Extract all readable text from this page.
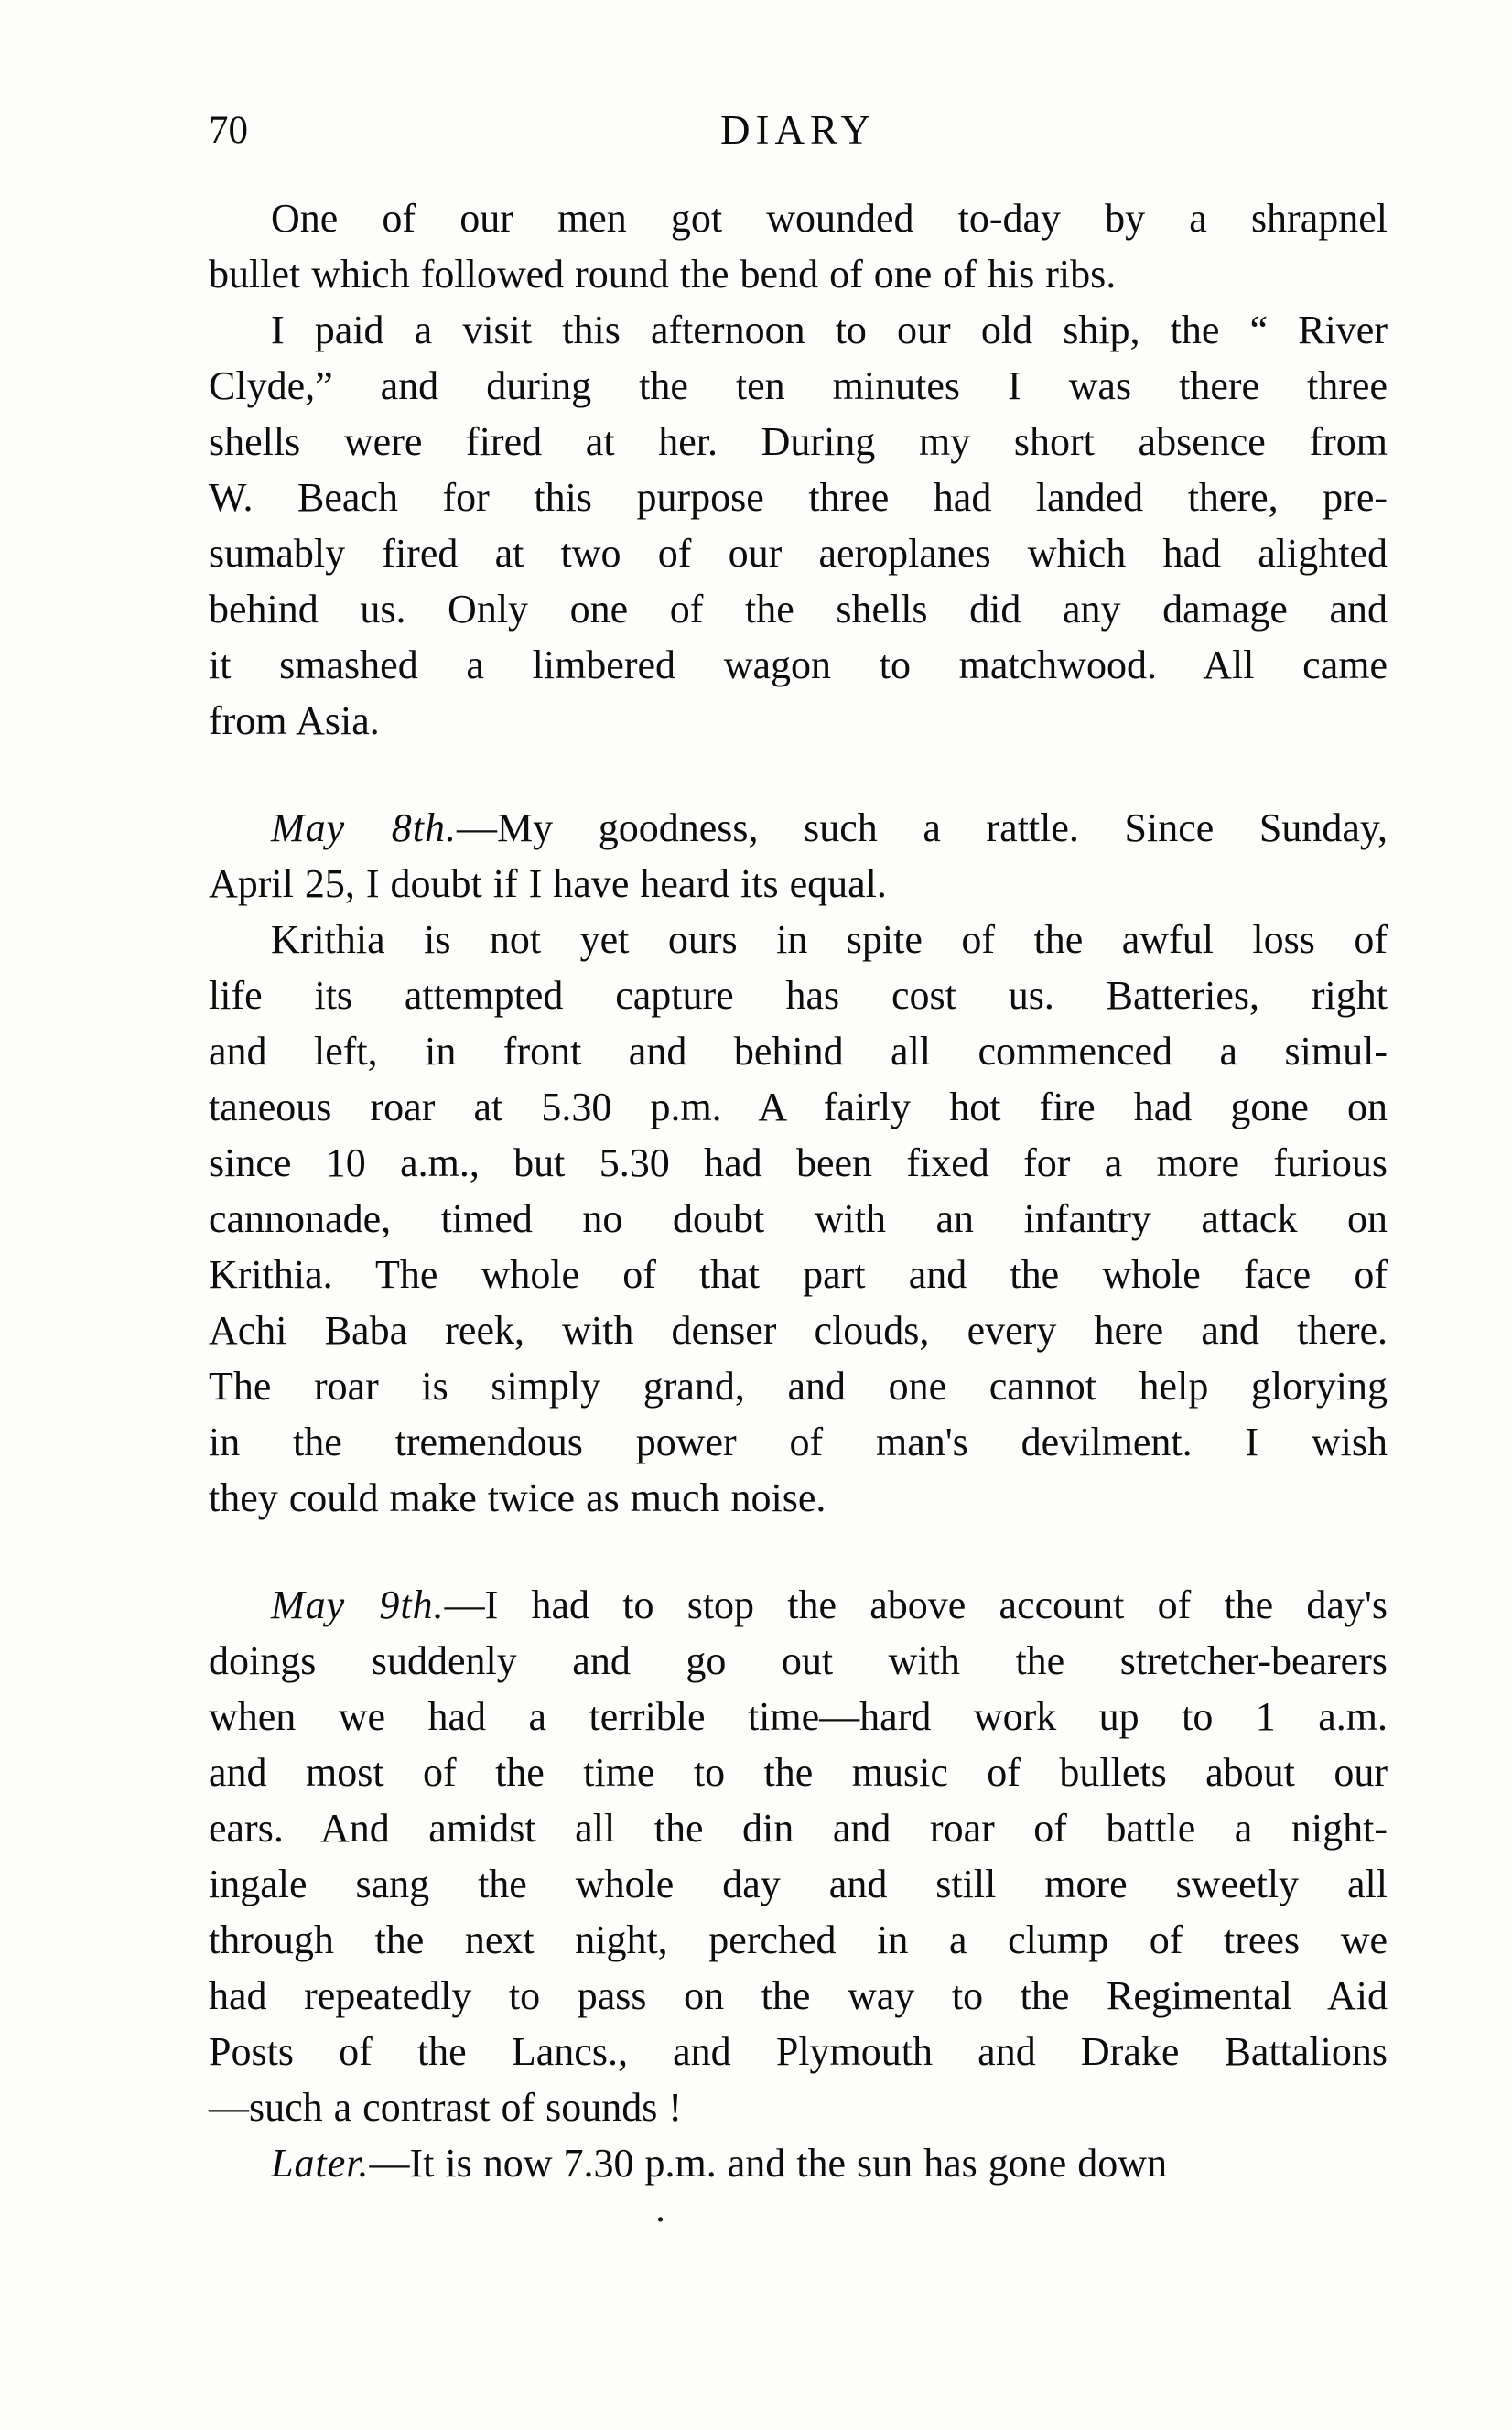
70	DIARY
One of our men got wounded to-day by a shrapnel
bullet which followed round the bend of one of his ribs.
I paid a visit this afternoon to our old ship, the “ River
Clyde,” and during the ten minutes I was there three
shells were fired at her. During my short absence from
W. Beach for this purpose three had landed there, pre-
sumably fired at two of our aeroplanes which had alighted
behind us. Only one of the shells did any damage and
it smashed a limbered wagon to matchwood. All came
from Asia.
May 8th.—My goodness, such a rattle. Since Sunday,
April 25, I doubt if I have heard its equal.
Krithia is not yet ours in spite of the awful loss of
life its attempted capture has cost us. Batteries, right
and left, in front and behind all commenced a simul-
taneous roar at 5.30 p.m. A fairly hot fire had gone on
since 10 a.m., but 5.30 had been fixed for a more furious
cannonade, timed no doubt with an infantry attack on
Krithia. The whole of that part and the whole face of
Achi Baba reek, with denser clouds, every here and there.
The roar is simply grand, and one cannot help glorying
in the tremendous power of man's devilment. I wish
they could make twice as much noise.
May 9th.—I had to stop the above account of the day's
doings suddenly and go out with the stretcher-bearers
when we had a terrible time—hard work up to 1 a.m.
and most of the time to the music of bullets about our
ears. And amidst all the din and roar of battle a night-
ingale sang the whole day and still more sweetly all
through the next night, perched in a clump of trees we
had repeatedly to pass on the way to the Regimental Aid
Posts of the Lancs., and Plymouth and Drake Battalions
—such a contrast of sounds !
Later.—It is now 7.30 p.m. and the sun has gone down
.
